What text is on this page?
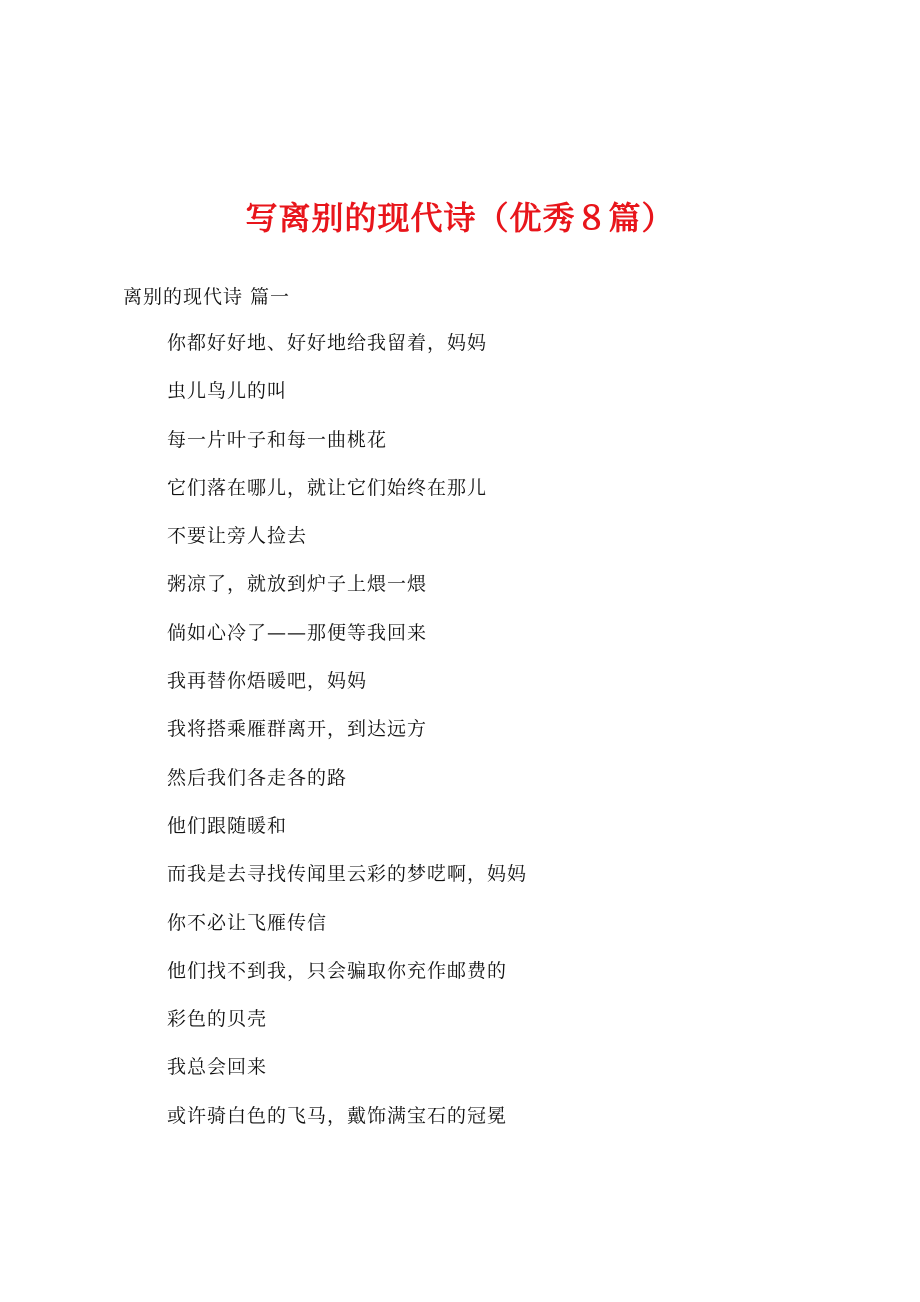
写离别的现代诗（优秀８篇）
离别的现代诗 篇一
你都好好地、好好地给我留着，妈妈
虫儿鸟儿的叫
每一片叶子和每一曲桃花
它们落在哪儿，就让它们始终在那儿
不要让旁人捡去
粥凉了，就放到炉子上煨一煨
倘如心冷了——那便等我回来
我再替你焐暖吧，妈妈
我将搭乘雁群离开，到达远方
然后我们各走各的路
他们跟随暖和
而我是去寻找传闻里云彩的梦呓啊，妈妈
你不必让飞雁传信
他们找不到我，只会骗取你充作邮费的
彩色的贝壳
我总会回来
或许骑白色的飞马，戴饰满宝石的冠冕
